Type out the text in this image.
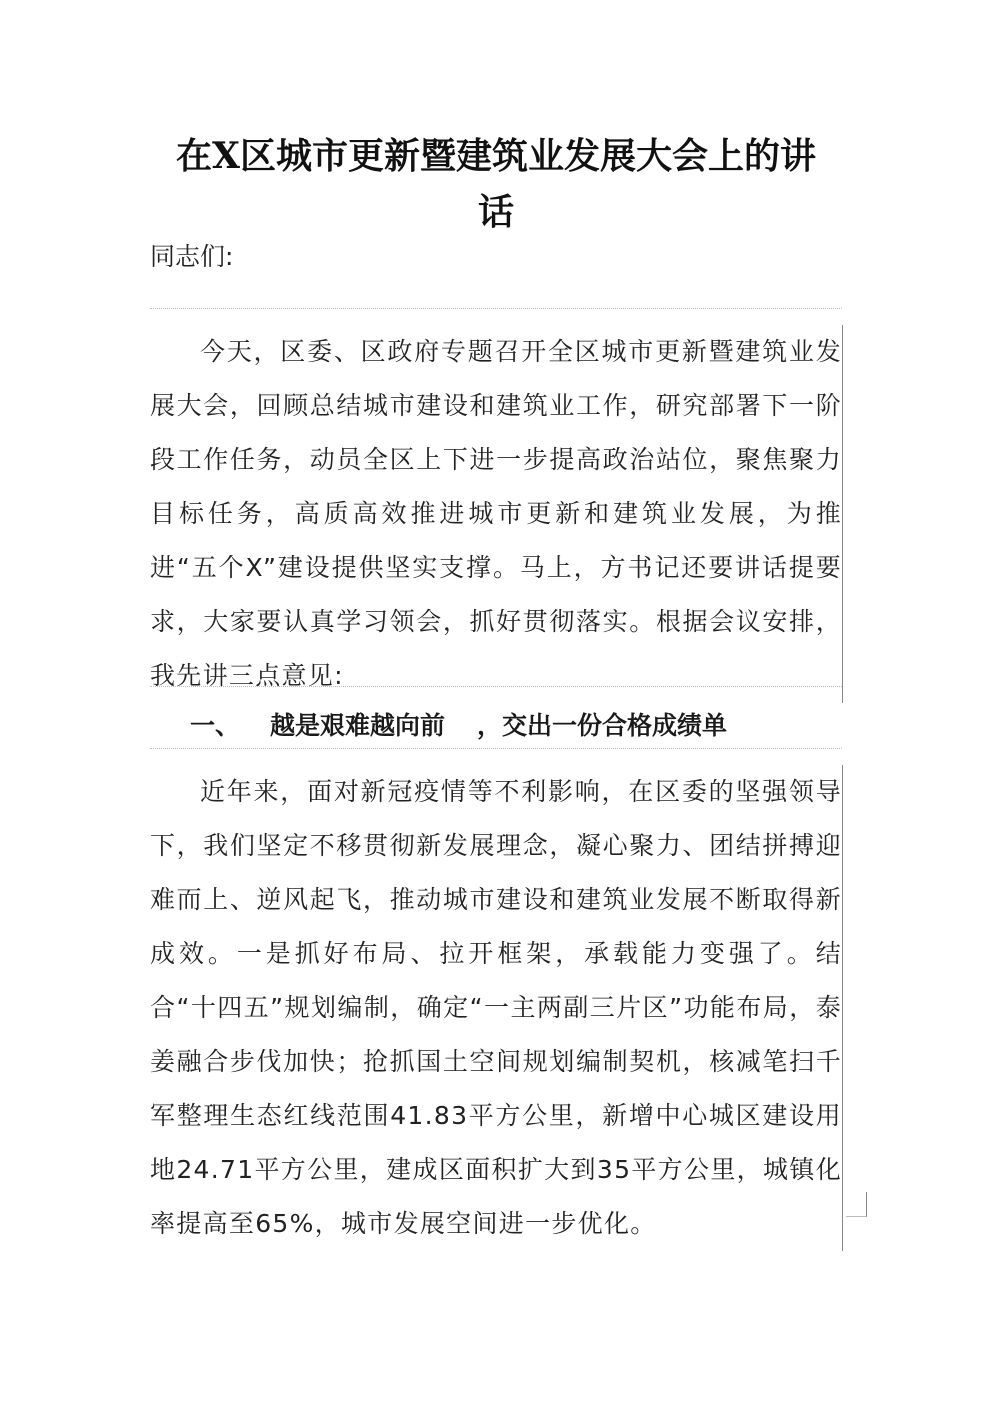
在X区城市更新暨建筑业发展大会上的讲
话
同志们:

今天，区委、区政府专题召开全区城市更新暨建筑业发展大会，回顾总结城市建设和建筑业工作，研究部署下一阶段工作任务，动员全区上下进一步提高政治站位，聚焦聚力目标任务，高质高效推进城市更新和建筑业发展，为推进“五个X”建设提供坚实支撑。马上，方书记还要讲话提要求，大家要认真学习领会，抓好贯彻落实。根据会议安排，我先讲三点意见:

一、 越是艰难越向前 ，交出一份合格成绩单

近年来，面对新冠疫情等不利影响，在区委的坚强领导下，我们坚定不移贯彻新发展理念，凝心聚力、团结拼搏迎难而上、逆风起飞，推动城市建设和建筑业发展不断取得新成效。一是抓好布局、拉开框架，承载能力变强了。结合“十四五”规划编制，确定“一主两副三片区”功能布局，泰姜融合步伐加快；抢抓国土空间规划编制契机，核减笔扫千军整理生态红线范围41.83平方公里，新增中心城区建设用地24.71平方公里，建成区面积扩大到35平方公里，城镇化率提高至65%，城市发展空间进一步优化。
